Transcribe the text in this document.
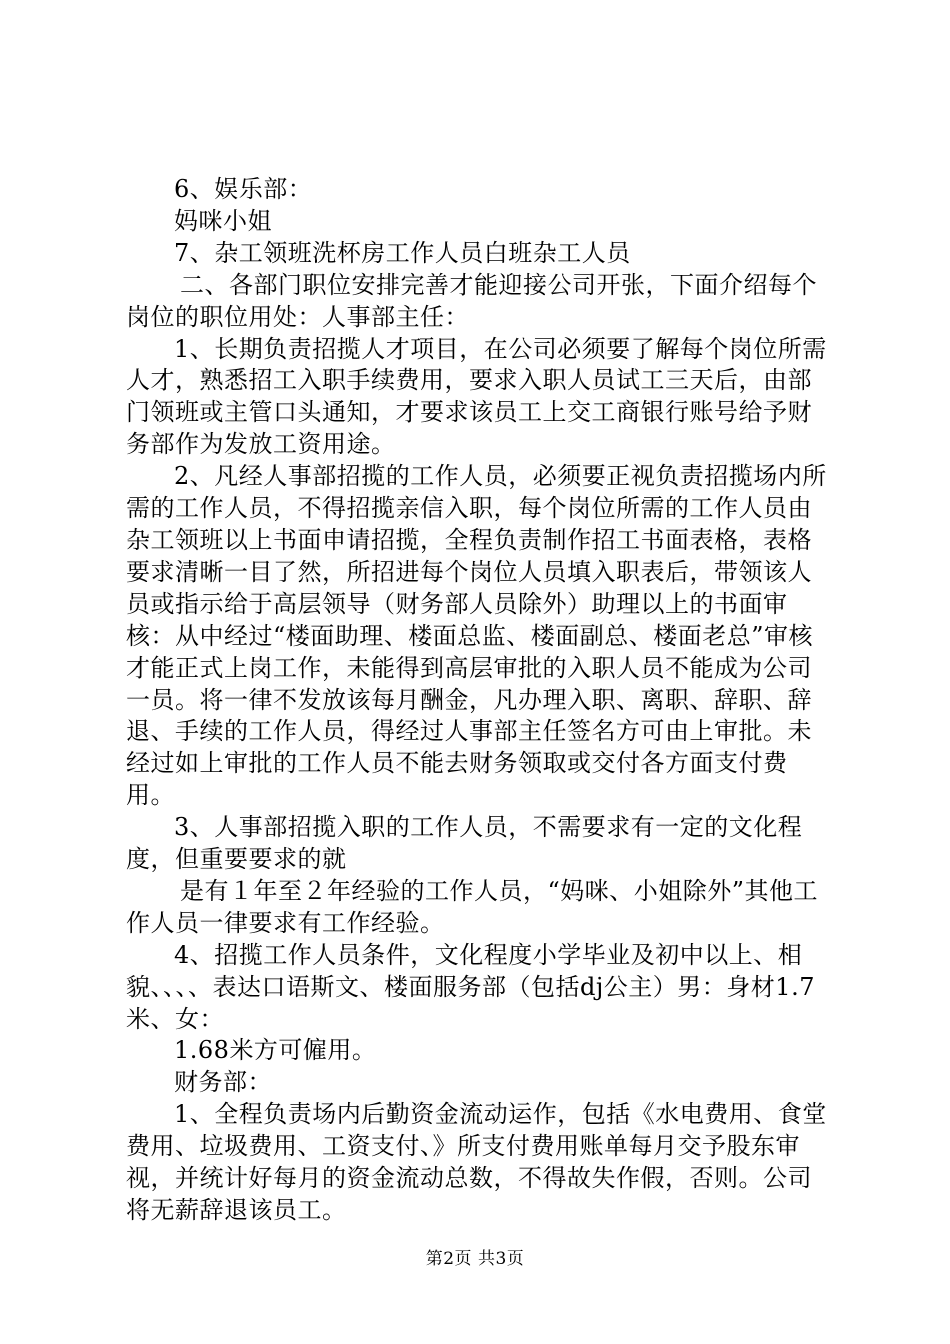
6、娱乐部：

妈咪小姐

7、杂工领班洗杯房工作人员白班杂工人员

二、各部门职位安排完善才能迎接公司开张，下面介绍每个岗位的职位用处：人事部主任：

1、长期负责招揽人才项目，在公司必须要了解每个岗位所需人才，熟悉招工入职手续费用，要求入职人员试工三天后，由部门领班或主管口头通知，才要求该员工上交工商银行账号给予财务部作为发放工资用途。

2、凡经人事部招揽的工作人员，必须要正视负责招揽场内所需的工作人员，不得招揽亲信入职，每个岗位所需的工作人员由杂工领班以上书面申请招揽，全程负责制作招工书面表格，表格要求清晰一目了然，所招进每个岗位人员填入职表后，带领该人员或指示给于高层领导（财务部人员除外）助理以上的书面审核：从中经过“楼面助理、楼面总监、楼面副总、楼面老总”审核才能正式上岗工作，未能得到高层审批的入职人员不能成为公司一员。将一律不发放该每月酬金，凡办理入职、离职、辞职、辞退、手续的工作人员，得经过人事部主任签名方可由上审批。未经过如上审批的工作人员不能去财务领取或交付各方面支付费用。

3、人事部招揽入职的工作人员，不需要求有一定的文化程度，但重要要求的就

是有１年至２年经验的工作人员，“妈咪、小姐除外”其他工作人员一律要求有工作经验。

4、招揽工作人员条件，文化程度小学毕业及初中以上、相貌、、、、表达口语斯文、楼面服务部（包括dj公主）男：身材1.7米、女：

1.68米方可僱用。

财务部：

1、全程负责场内后勤资金流动运作，包括《水电费用、食堂费用、垃圾费用、工资支付、》所支付费用账单每月交予股东审视，并统计好每月的资金流动总数，不得故失作假，否则。公司将无薪辞退该员工。

第2页 共3页
